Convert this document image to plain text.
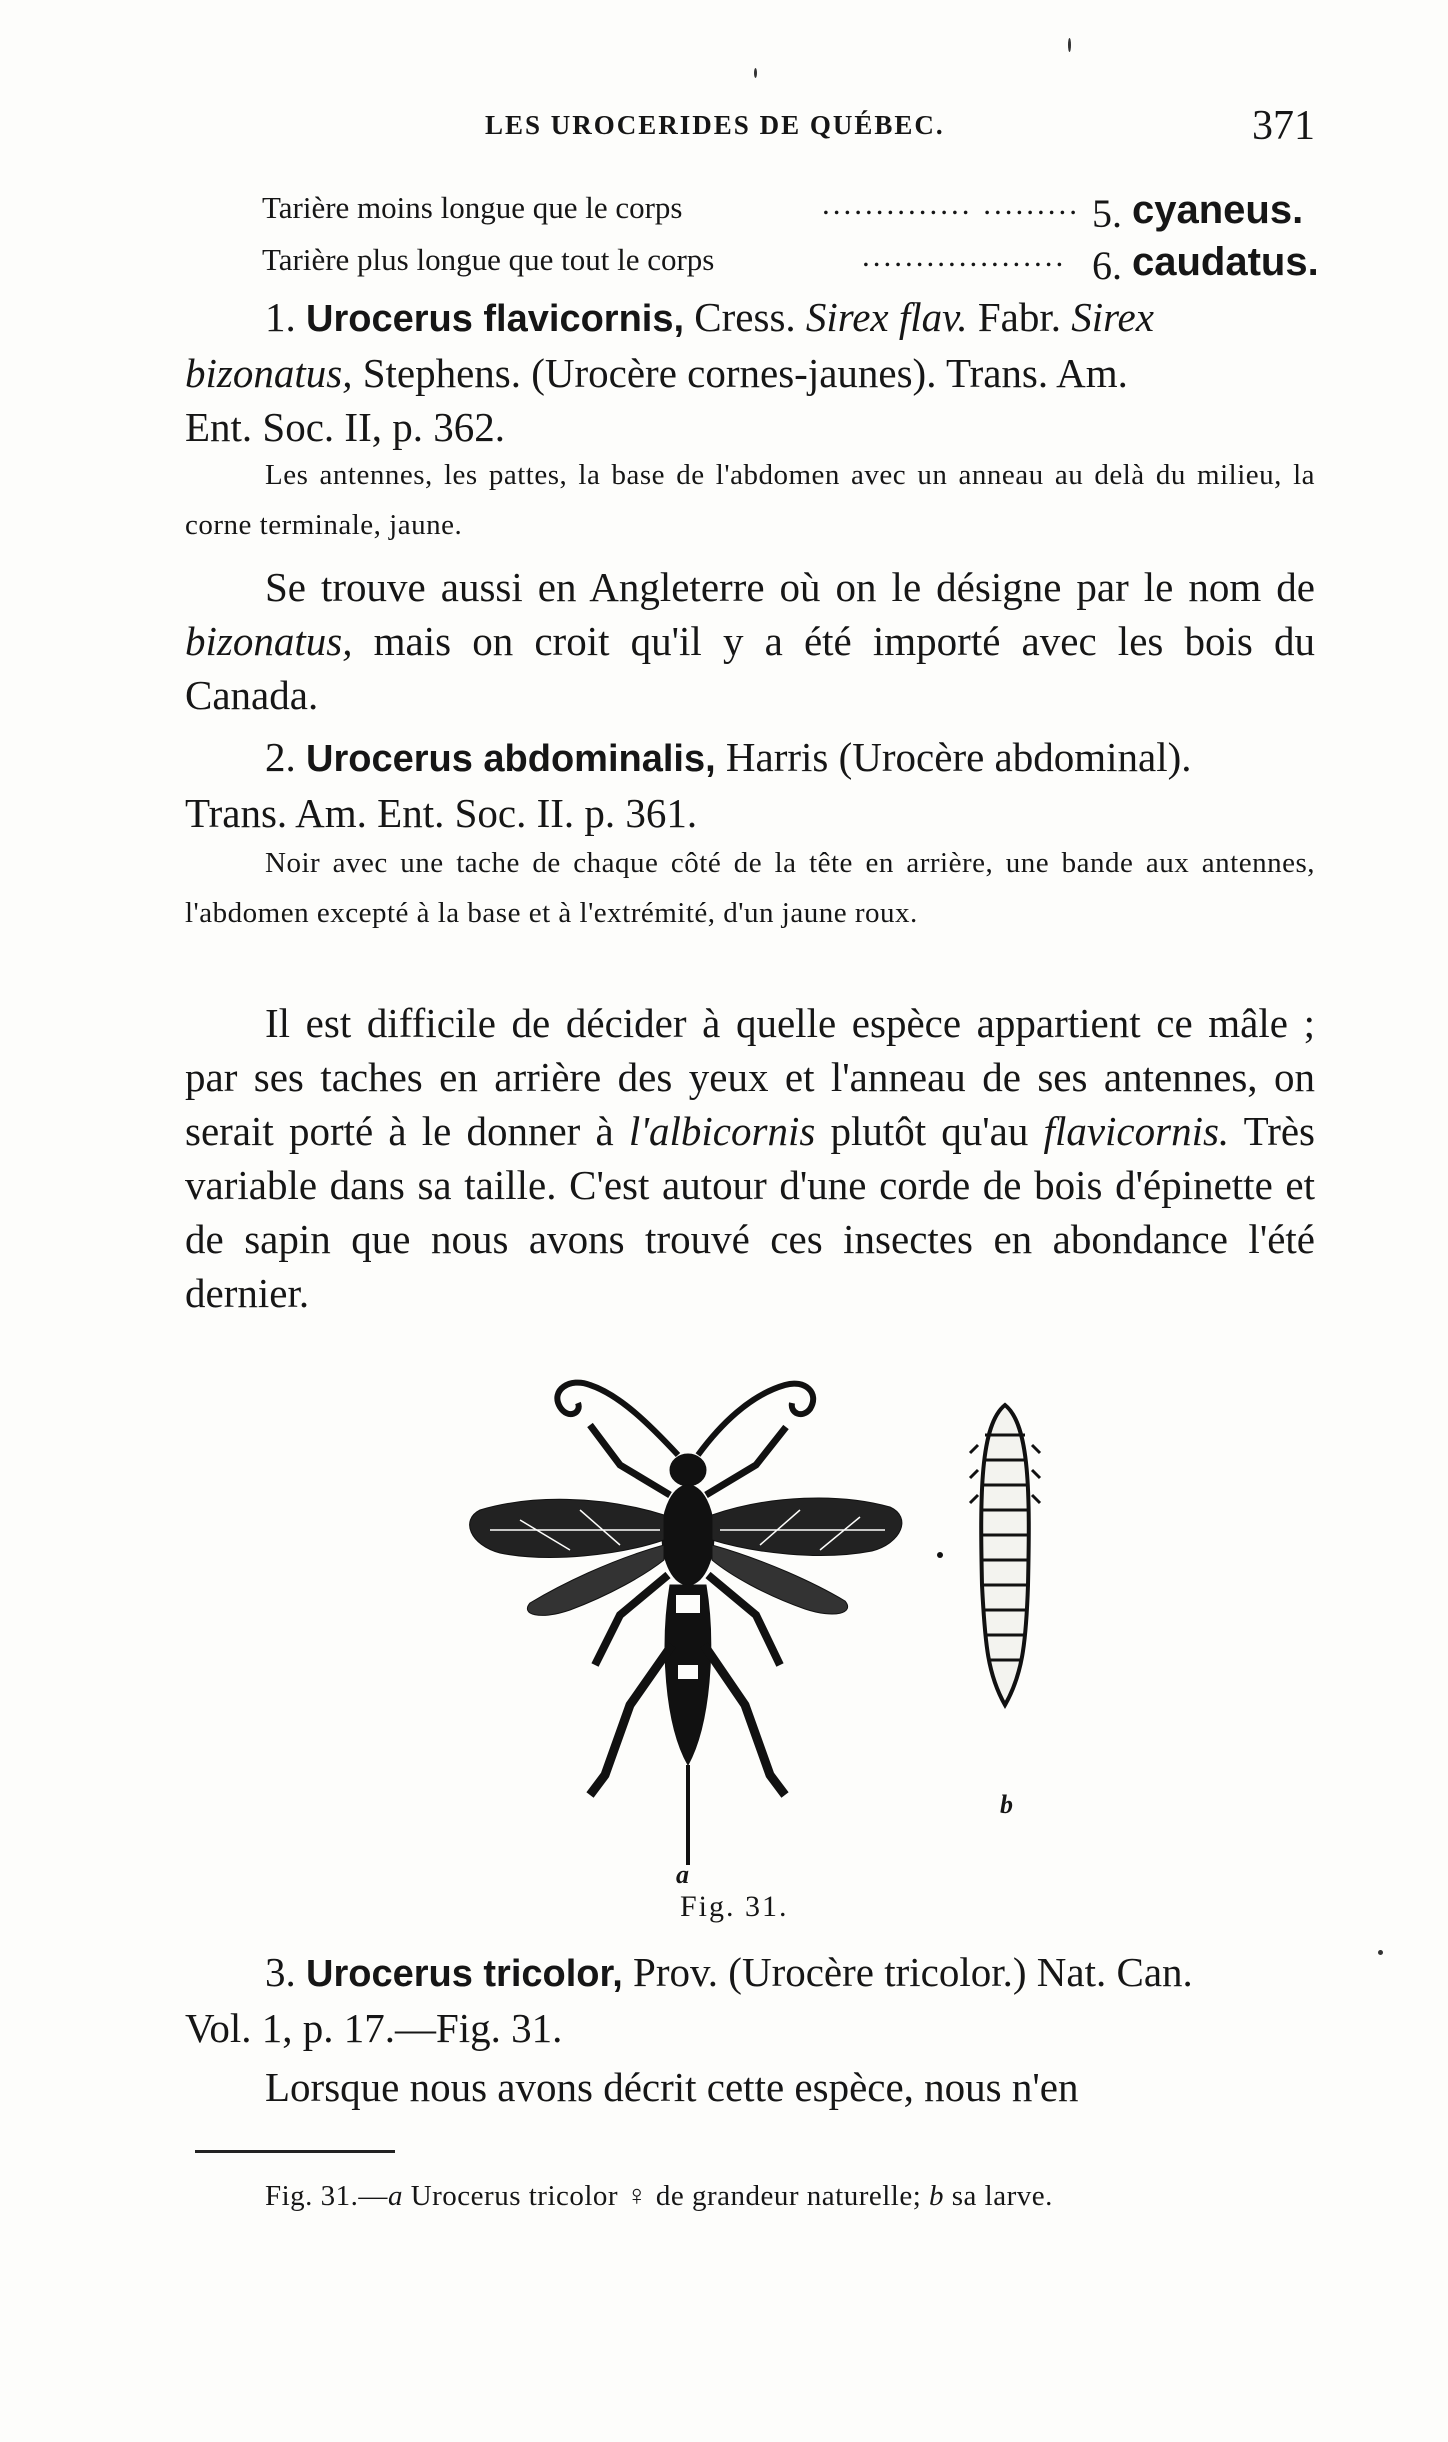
LES UROCERIDES DE QUÉBEC.	371
Tarière moins longue que le corps	.............. ......... 5. cyaneus.
Tarière plus longue que tout le corps	................... 6. caudatus.
1. Urocerus flavicornis, Cress. Sirex flav. Fabr. Sirex
bizonatus, Stephens. (Urocère cornes-jaunes). Trans. Am.
Ent. Soc. II, p. 362.
Les antennes, les pattes, la base de l'abdomen avec un anneau au delà du milieu, la corne terminale, jaune.
Se trouve aussi en Angleterre où on le désigne par le nom de bizonatus, mais on croit qu'il y a été importé avec les bois du Canada.
2. Urocerus abdominalis, Harris (Urocère abdominal).
Trans. Am. Ent. Soc. II. p. 361.
Noir avec une tache de chaque côté de la tête en arrière, une bande aux antennes, l'abdomen excepté à la base et à l'extrémité, d'un jaune roux.
Il est difficile de décider à quelle espèce appartient ce mâle ; par ses taches en arrière des yeux et l'anneau de ses antennes, on serait porté à le donner à l'albicornis plutôt qu'au flavicornis. Très variable dans sa taille. C'est autour d'une corde de bois d'épinette et de sapin que nous avons trouvé ces insectes en abondance l'été dernier.
a
b
Fig. 31.
3. Urocerus tricolor, Prov. (Urocère tricolor.) Nat. Can.
Vol. 1, p. 17.—Fig. 31.
Lorsque nous avons décrit cette espèce, nous n'en
Fig. 31.—a Urocerus tricolor ♀ de grandeur naturelle; b sa larve.
